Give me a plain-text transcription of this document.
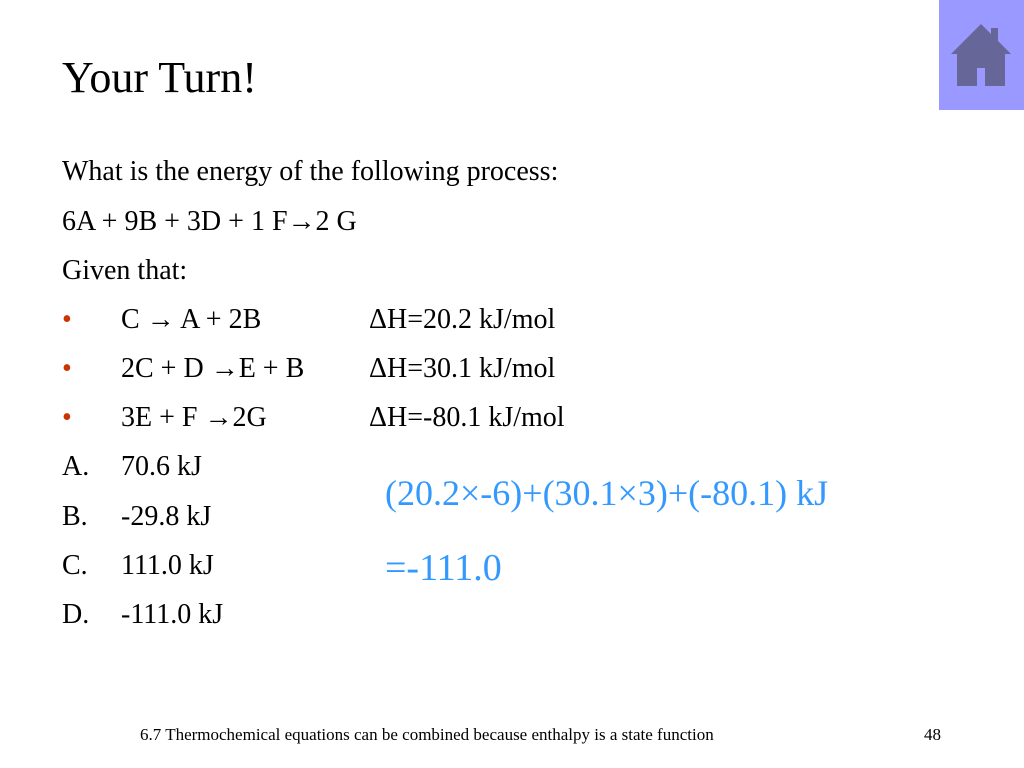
Your Turn!
What is the energy of the following process:
6A + 9B + 3D + 1 F→2 G
Given that:
• C → A + 2B	ΔH=20.2 kJ/mol
• 2C + D →E + B ΔH=30.1 kJ/mol
• 3E + F →2G	ΔH=-80.1 kJ/mol
A. 70.6 kJ
B. -29.8 kJ
C. 111.0 kJ
D. -111.0 kJ
(20.2×-6)+(30.1×3)+(-80.1) kJ
=-111.0
6.7 Thermochemical equations can be combined because enthalpy is a state function	48
